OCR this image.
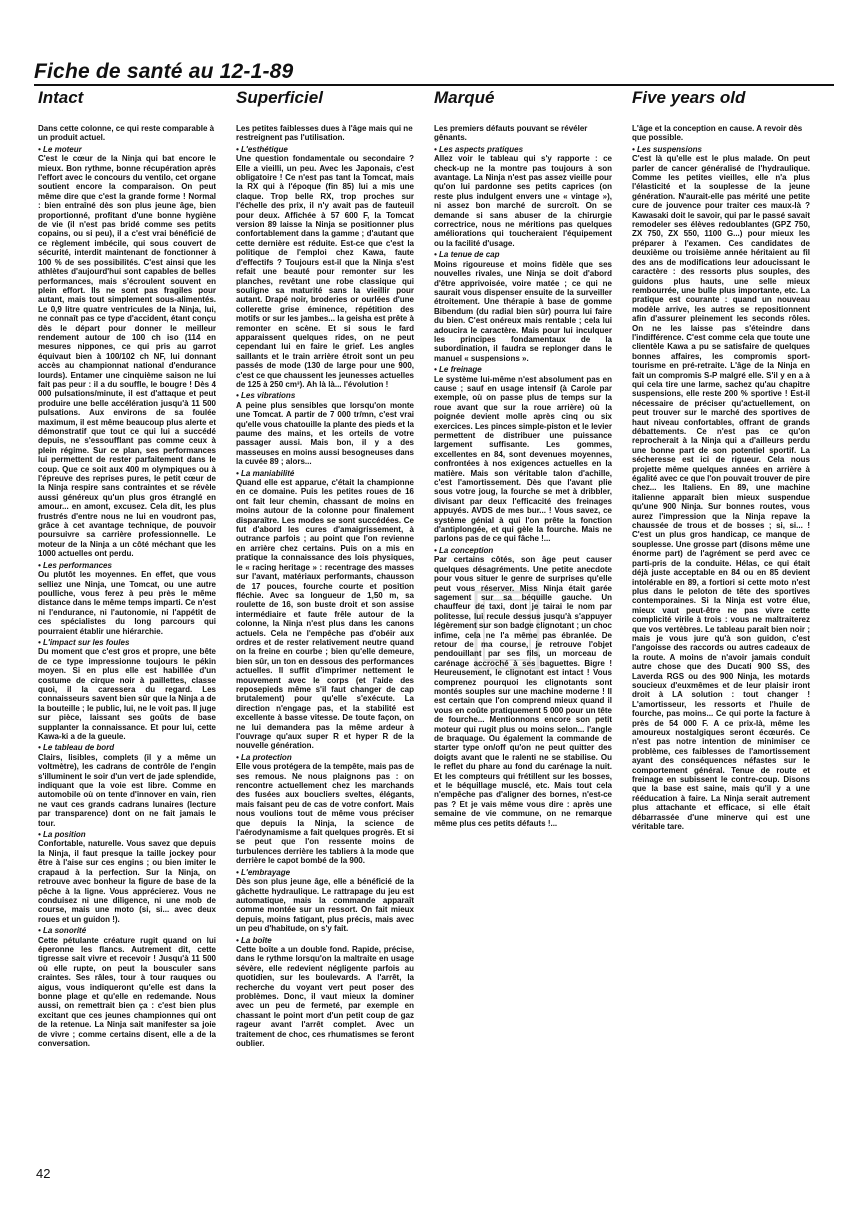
Fiche de santé au 12-1-89
Intact

Dans cette colonne, ce qui reste comparable à un produit actuel.

• Le moteur

C'est le cœur de la Ninja qui bat encore le mieux. Bon rythme, bonne récupération après l'effort avec le concours du ventilo, cet organe soutient encore la comparaison. On peut même dire que c'est la grande forme ! Normal : bien entraîné dès son plus jeune âge, bien proportionné, profitant d'une bonne hygiène de vie (il n'est pas bridé comme ses petits copains, ou si peu), il a c'est vrai bénéficié de ce règlement imbécile, qui sous couvert de sécurité, interdit maintenant de fonctionner à 100 % de ses possibilités. C'est ainsi que les athlètes d'aujourd'hui sont capables de belles performances, mais s'écroulent souvent en plein effort. Ils ne sont pas fragiles pour autant, mais tout simplement sous-alimentés. Le 0,9 litre quatre ventricules de la Ninja, lui, ne connaît pas ce type d'accident, étant conçu dès le départ pour donner le meilleur rendement autour de 100 ch iso (114 en mesures nippones, ce qui pris au garrot équivaut bien à 100/102 ch NF, lui donnant accès au championnat national d'endurance lourds). Entamer une cinquième saison ne lui fait pas peur : il a du souffle, le bougre ! Dès 4 000 pulsations/minute, il est d'attaque et peut produire une belle accélération jusqu'à 11 500 pulsations. Aux environs de sa foulée maximum, il est même beaucoup plus alerte et démonstratif que tout ce qui lui a succédé depuis, ne s'essoufflant pas comme ceux à plein régime. Sur ce plan, ses performances lui permettent de rester parfaitement dans le coup. Que ce soit aux 400 m olympiques ou à l'épreuve des reprises pures, le petit cœur de la Ninja respire sans contraintes et se révèle aussi généreux qu'un plus gros étranglé en amour... en amont, excusez. Cela dit, les plus frustrés d'entre nous ne lui en voudront pas, grâce à cet avantage technique, de pouvoir poursuivre sa carrière professionnelle. Le moteur de la Ninja a un côté méchant que les 1000 actuelles ont perdu.

• Les performances

Ou plutôt les moyennes. En effet, que vous selliez une Ninja, une Tomcat, ou une autre poulliche, vous ferez à peu près le même distance dans le même temps imparti. Ce n'est ni l'endurance, ni l'autonomie, ni l'appétit de ces spécialistes du long parcours qui pourraient établir une hiérarchie.

• L'impact sur les foules

Du moment que c'est gros et propre, une bête de ce type impressionne toujours le pékin moyen. Si en plus elle est habillée d'un costume de cirque noir à paillettes, classe quoi, il la caressera du regard. Les connaisseurs savent bien sûr que la Ninja a de la bouteille ; le public, lui, ne le voit pas. Il juge sur pièce, laissant ses goûts de base supplanter la connaissance. Et pour lui, cette Kawa-ki a de la gueule.

• Le tableau de bord

Clairs, lisibles, complets (il y a même un voltmètre), les cadrans de contrôle de l'engin s'illuminent le soir d'un vert de jade splendide, indiquant que la voie est libre. Comme en automobile où on tente d'innover en vain, rien ne vaut ces grands cadrans lunaires (lecture par transparence) dont on ne fait jamais le tour.

• La position

Confortable, naturelle. Vous savez que depuis la Ninja, il faut presque la taille jockey pour être à l'aise sur ces engins ; ou bien imiter le crapaud à la perfection. Sur la Ninja, on retrouve avec bonheur la figure de base de la pêche à la ligne. Vous apprécierez. Vous ne conduisez ni une diligence, ni une mob de course, mais une moto (si, si... avec deux roues et un guidon !).

• La sonorité

Cette pétulante créature rugit quand on lui éperonne les flancs. Autrement dit, cette tigresse sait vivre et recevoir ! Jusqu'à 11 500 où elle rupte, on peut la bousculer sans craintes. Ses râles, tour à tour rauques ou aigus, vous indiqueront qu'elle est dans la bonne plage et qu'elle en redemande. Nous aussi, on remettrait bien ça : c'est bien plus excitant que ces jeunes championnes qui ont de la retenue. La Ninja sait manifester sa joie de vivre ; comme certains disent, elle a de la conversation.

Superficiel

Les petites faiblesses dues à l'âge mais qui ne restreignent pas l'utilisation.

• L'esthétique

Une question fondamentale ou secondaire ? Elle a vieilli, un peu. Avec les Japonais, c'est obligatoire ! Ce n'est pas tant la Tomcat, mais la RX qui à l'époque (fin 85) lui a mis une claque. Trop belle RX, trop proches sur l'échelle des prix, il n'y avait pas de fauteuil pour deux. Affichée à 57 600 F, la Tomcat version 89 laisse la Ninja se positionner plus confortablement dans la gamme ; d'autant que cette dernière est réduite. Est-ce que c'est la politique de l'emploi chez Kawa, faute d'effectifs ? Toujours est-il que la Ninja s'est refait une beauté pour remonter sur les planches, revêtant une robe classique qui souligne sa maturité sans la vieillir pour autant. Drapé noir, broderies or ourlées d'une collerette grise éminence, répétition des motifs or sur les jambes... la geisha est prête à remonter en scène. Et si sous le fard apparaissent quelques rides, on ne peut cependant lui en faire le grief. Les angles saillants et le train arrière étroit sont un peu passés de mode (130 de large pour une 900, c'est ce que chaussent les jeunesses actuelles de 125 à 250 cm³). Ah là là... l'évolution !

• Les vibrations

A peine plus sensibles que lorsqu'on monte une Tomcat. A partir de 7 000 tr/mn, c'est vrai qu'elle vous chatouille la plante des pieds et la paume des mains, et les orteils de votre passager aussi. Mais bon, il y a des masseuses en moins aussi besogneuses dans la cuvée 89 ; alors...

• La maniabilité

Quand elle est apparue, c'était la championne en ce domaine. Puis les petites roues de 16 ont fait leur chemin, chassant de moins en moins autour de la colonne pour finalement disparaître. Les modes se sont succédées. Ce fut d'abord les cures d'amaigrissement, à outrance parfois ; au point que l'on revienne en arrière chez certains. Puis on a mis en pratique la connaissance des lois physiques, le « racing heritage » : recentrage des masses sur l'avant, matériaux performants, chausson de 17 pouces, fourche courte et position fléchie. Avec sa longueur de 1,50 m, sa roulette de 16, son buste droit et son assise intermédiaire et faute frêle autour de la colonne, la Ninja n'est plus dans les canons actuels. Cela ne l'empêche pas d'obéir aux ordres et de rester relativement neutre quand on la freine en courbe ; bien qu'elle demeure, bien sûr, un ton en dessous des performances actuelles. Il suffit d'imprimer nettement le mouvement avec le corps (et l'aide des reposepieds même s'il faut changer de cap brutalement) pour qu'elle s'exécute. La direction n'engage pas, et la stabilité est excellente à basse vitesse. De toute façon, on ne lui demandera pas la même ardeur à l'ouvrage qu'aux super R et hyper R de la nouvelle génération.

• La protection

Elle vous protégera de la tempête, mais pas de ses remous. Ne nous plaignons pas : on rencontre actuellement chez les marchands des fusées aux boucliers sveltes, élégants, mais faisant peu de cas de votre confort. Mais nous voulions tout de même vous préciser que depuis la Ninja, la science de l'aérodynamisme a fait quelques progrès. Et si se peut que l'on ressente moins de turbulences derrière les tabliers à la mode que derrière le capot bombé de la 900.

• L'embrayage

Dès son plus jeune âge, elle a bénéficié de la gâchette hydraulique. Le rattrapage du jeu est automatique, mais la commande apparaît comme montée sur un ressort. On fait mieux depuis, moins fatigant, plus précis, mais avec un peu d'habitude, on s'y fait.

• La boîte

Cette boîte a un double fond. Rapide, précise, dans le rythme lorsqu'on la maltraite en usage sévère, elle redevient négligente parfois au quotidien, sur les boulevards. A l'arrêt, la recherche du voyant vert peut poser des problèmes. Donc, il vaut mieux la dominer avec un peu de fermeté, par exemple en chassant le point mort d'un petit coup de gaz rageur avant l'arrêt complet. Avec un traitement de choc, ces rhumatismes se feront oublier.

Marqué

Les premiers défauts pouvant se révéler gênants.

• Les aspects pratiques

Allez voir le tableau qui s'y rapporte : ce check-up ne la montre pas toujours à son avantage. La Ninja n'est pas assez vieille pour qu'on lui pardonne ses petits caprices (on reste plus indulgent envers une « vintage »), ni assez bon marché de surcroît. On se demande si sans abuser de la chirurgie correctrice, nous ne méritions pas quelques améliorations qui toucheraient l'équipement ou la facilité d'usage.

• La tenue de cap

Moins rigoureuse et moins fidèle que ses nouvelles rivales, une Ninja se doit d'abord d'être apprivoisée, voire matée ; ce qui ne saurait vous dispenser ensuite de la surveiller étroitement. Une thérapie à base de gomme Bibendum (du radial bien sûr) pourra lui faire du bien. C'est onéreux mais rentable ; cela lui adoucira le caractère. Mais pour lui inculquer les principes fondamentaux de la subordination, il faudra se replonger dans le manuel « suspensions ».

• Le freinage

Le système lui-même n'est absolument pas en cause ; sauf en usage intensif (à Carole par exemple, où on passe plus de temps sur la roue avant que sur la roue arrière) où la poignée devient molle après cinq ou six exercices. Les pinces simple-piston et le levier permettent de distribuer une puissance largement suffisante. Les gommes, excellentes en 84, sont devenues moyennes, confrontées à nos exigences actuelles en la matière. Mais son véritable talon d'achille, c'est l'amortissement. Dès que l'avant plie sous votre joug, la fourche se met à dribbler, divisant par deux l'efficacité des freinages appuyés. AVDS de mes bur... ! Vous savez, ce système génial à qui l'on prête la fonction d'antiplongée, et qui gèle la fourche. Mais ne parlons pas de ce qui fâche !...

• La conception

Par certains côtés, son âge peut causer quelques désagréments. Une petite anecdote pour vous situer le genre de surprises qu'elle peut vous réserver. Miss Ninja était garée sagement sur sa béquille gauche. Un chauffeur de taxi, dont je tairai le nom par politesse, lui recule dessus jusqu'à s'appuyer légèrement sur son badge clignotant ; un choc infime, cela ne l'a même pas ébranlée. De retour de ma course, je retrouve l'objet pendouillant par ses fils, un morceau de carénage accroché à ses baguettes. Bigre ! Heureusement, le clignotant est intact ! Vous comprenez pourquoi les clignotants sont montés souples sur une machine moderne ! Il est certain que l'on comprend mieux quand il vous en coûte pratiquement 5 000 pour un tête de fourche... Mentionnons encore son petit moteur qui rugit plus ou moins selon... l'angle de braquage. Ou également la commande de starter type on/off qu'on ne peut quitter des doigts avant que le ralenti ne se stabilise. Ou le reflet du phare au fond du carénage la nuit. Et les compteurs qui frétillent sur les bosses, et le béquillage musclé, etc. Mais tout cela n'empêche pas d'aligner des bornes, n'est-ce pas ? Et je vais même vous dire : après une semaine de vie commune, on ne remarque même plus ces petits défauts !...

Five years old

L'âge et la conception en cause. A revoir dès que possible.

• Les suspensions

C'est là qu'elle est le plus malade. On peut parler de cancer généralisé de l'hydraulique. Comme les petites vieilles, elle n'a plus l'élasticité et la souplesse de la jeune génération. N'aurait-elle pas mérité une petite cure de jouvence pour traiter ces maux-là ? Kawasaki doit le savoir, qui par le passé savait remodeler ses élèves redoublantes (GPZ 750, ZX 750, ZX 550, 1100 G...) pour mieux les préparer à l'examen. Ces candidates de deuxième ou troisième année héritaient au fil des ans de modifications leur adoucissant le caractère : des ressorts plus souples, des guidons plus hauts, une selle mieux rembourrée, une bulle plus importante, etc. La pratique est courante : quand un nouveau modèle arrive, les autres se repositionnent afin d'assurer pleinement les seconds rôles. On ne les laisse pas s'éteindre dans l'indifférence. C'est comme cela que toute une clientèle Kawa a pu se satisfaire de quelques bonnes affaires, les compromis sport-tourisme en pré-retraite. L'âge de la Ninja en fait un compromis S-P malgré elle. S'il y en a à qui cela tire une larme, sachez qu'au chapitre suspensions, elle reste 200 % sportive ! Est-il nécessaire de préciser qu'actuellement, on peut trouver sur le marché des sportives de haut niveau confortables, offrant de grands débattements. Ce n'est pas ce qu'on reprocherait à la Ninja qui a d'ailleurs perdu une bonne part de son potentiel sportif. La sécheresse est ici de rigueur. Cela nous projette même quelques années en arrière à égalité avec ce que l'on pouvait trouver de pire chez... les Italiens. En 89, une machine italienne apparaît bien mieux suspendue qu'une 900 Ninja. Sur bonnes routes, vous aurez l'impression que la Ninja repave la chaussée de trous et de bosses ; si, si... ! C'est un plus gros handicap, ce manque de souplesse. Une grosse part (disons même une énorme part) de l'agrément se perd avec ce parti-pris de la conduite. Hélas, ce qui était déjà juste acceptable en 84 ou en 85 devient intolérable en 89, a fortiori si cette moto n'est plus dans le peloton de tête des sportives contemporaines. Si la Ninja est votre élue, mieux vaut peut-être ne pas vivre cette complicité virile à trois : vous ne maltraiterez que vos vertèbres. Le tableau paraît bien noir ; mais je vous jure qu'à son guidon, c'est l'angoisse des raccords ou autres cadeaux de la route. A moins de n'avoir jamais conduit autre chose que des Ducati 900 SS, des Laverda RGS ou des 900 Ninja, les motards soucieux d'euxmêmes et de leur plaisir iront droit à LA solution : tout changer ! L'amortisseur, les ressorts et l'huile de fourche, pas moins... Ce qui porte la facture à près de 54 000 F. A ce prix-là, même les amoureux nostalgiques seront écœurés. Ce n'est pas notre intention de minimiser ce problème, ces faiblesses de l'amortissement ayant des conséquences néfastes sur le comportement général. Tenue de route et freinage en subissent le contre-coup. Disons que la base est saine, mais qu'il y a une rééducation à faire. La Ninja serait autrement plus attachante et efficace, si elle était débarrassée d'une minerve qui est une véritable tare.

42
